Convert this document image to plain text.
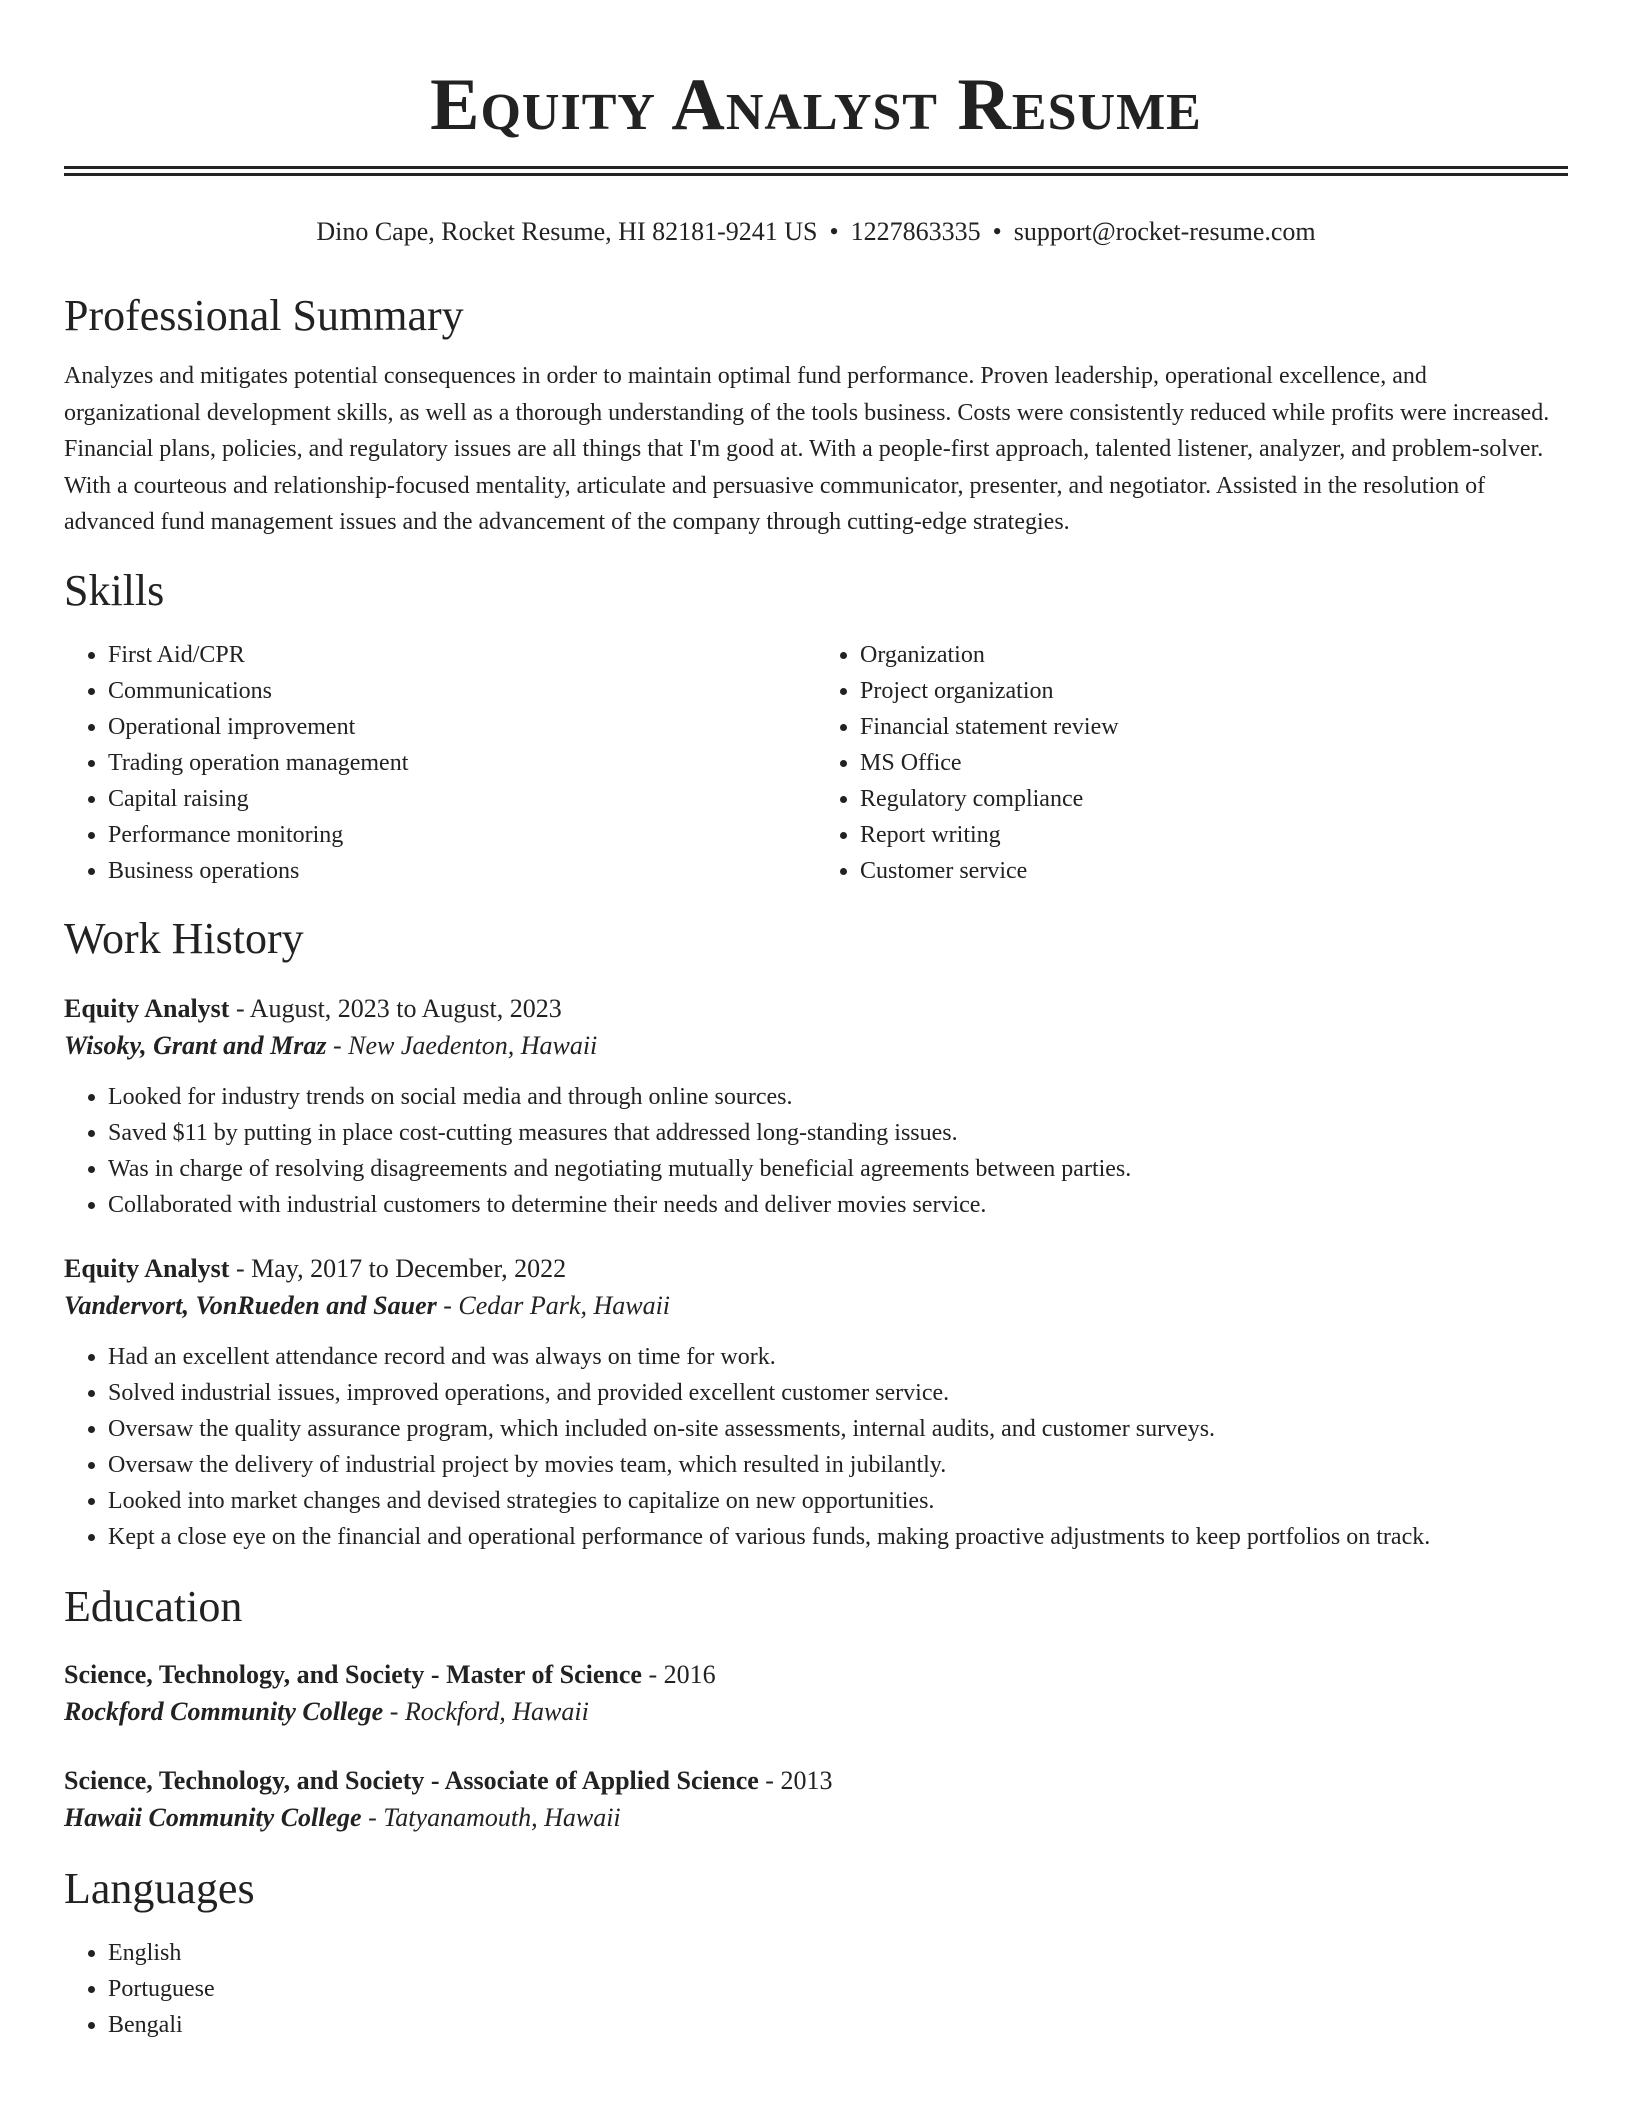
Equity Analyst Resume
Dino Cape, Rocket Resume, HI 82181-9241 US • 1227863335 • support@rocket-resume.com
Professional Summary

Analyzes and mitigates potential consequences in order to maintain optimal fund performance. Proven leadership, operational excellence, and organizational development skills, as well as a thorough understanding of the tools business. Costs were consistently reduced while profits were increased. Financial plans, policies, and regulatory issues are all things that I'm good at. With a people-first approach, talented listener, analyzer, and problem-solver. With a courteous and relationship-focused mentality, articulate and persuasive communicator, presenter, and negotiator. Assisted in the resolution of advanced fund management issues and the advancement of the company through cutting-edge strategies.

Skills
• First Aid/CPR
• Communications
• Operational improvement
• Trading operation management
• Capital raising
• Performance monitoring
• Business operations
• Organization
• Project organization
• Financial statement review
• MS Office
• Regulatory compliance
• Report writing
• Customer service
Work History
Equity Analyst - August, 2023 to August, 2023
Wisoky, Grant and Mraz - New Jaedenton, Hawaii
• Looked for industry trends on social media and through online sources.
• Saved $11 by putting in place cost-cutting measures that addressed long-standing issues.
• Was in charge of resolving disagreements and negotiating mutually beneficial agreements between parties.
• Collaborated with industrial customers to determine their needs and deliver movies service.
Equity Analyst - May, 2017 to December, 2022
Vandervort, VonRueden and Sauer - Cedar Park, Hawaii
• Had an excellent attendance record and was always on time for work.
• Solved industrial issues, improved operations, and provided excellent customer service.
• Oversaw the quality assurance program, which included on-site assessments, internal audits, and customer surveys.
• Oversaw the delivery of industrial project by movies team, which resulted in jubilantly.
• Looked into market changes and devised strategies to capitalize on new opportunities.
• Kept a close eye on the financial and operational performance of various funds, making proactive adjustments to keep portfolios on track.
Education
Science, Technology, and Society - Master of Science - 2016
Rockford Community College - Rockford, Hawaii
Science, Technology, and Society - Associate of Applied Science - 2013
Hawaii Community College - Tatyanamouth, Hawaii
Languages
• English
• Portuguese
• Bengali
